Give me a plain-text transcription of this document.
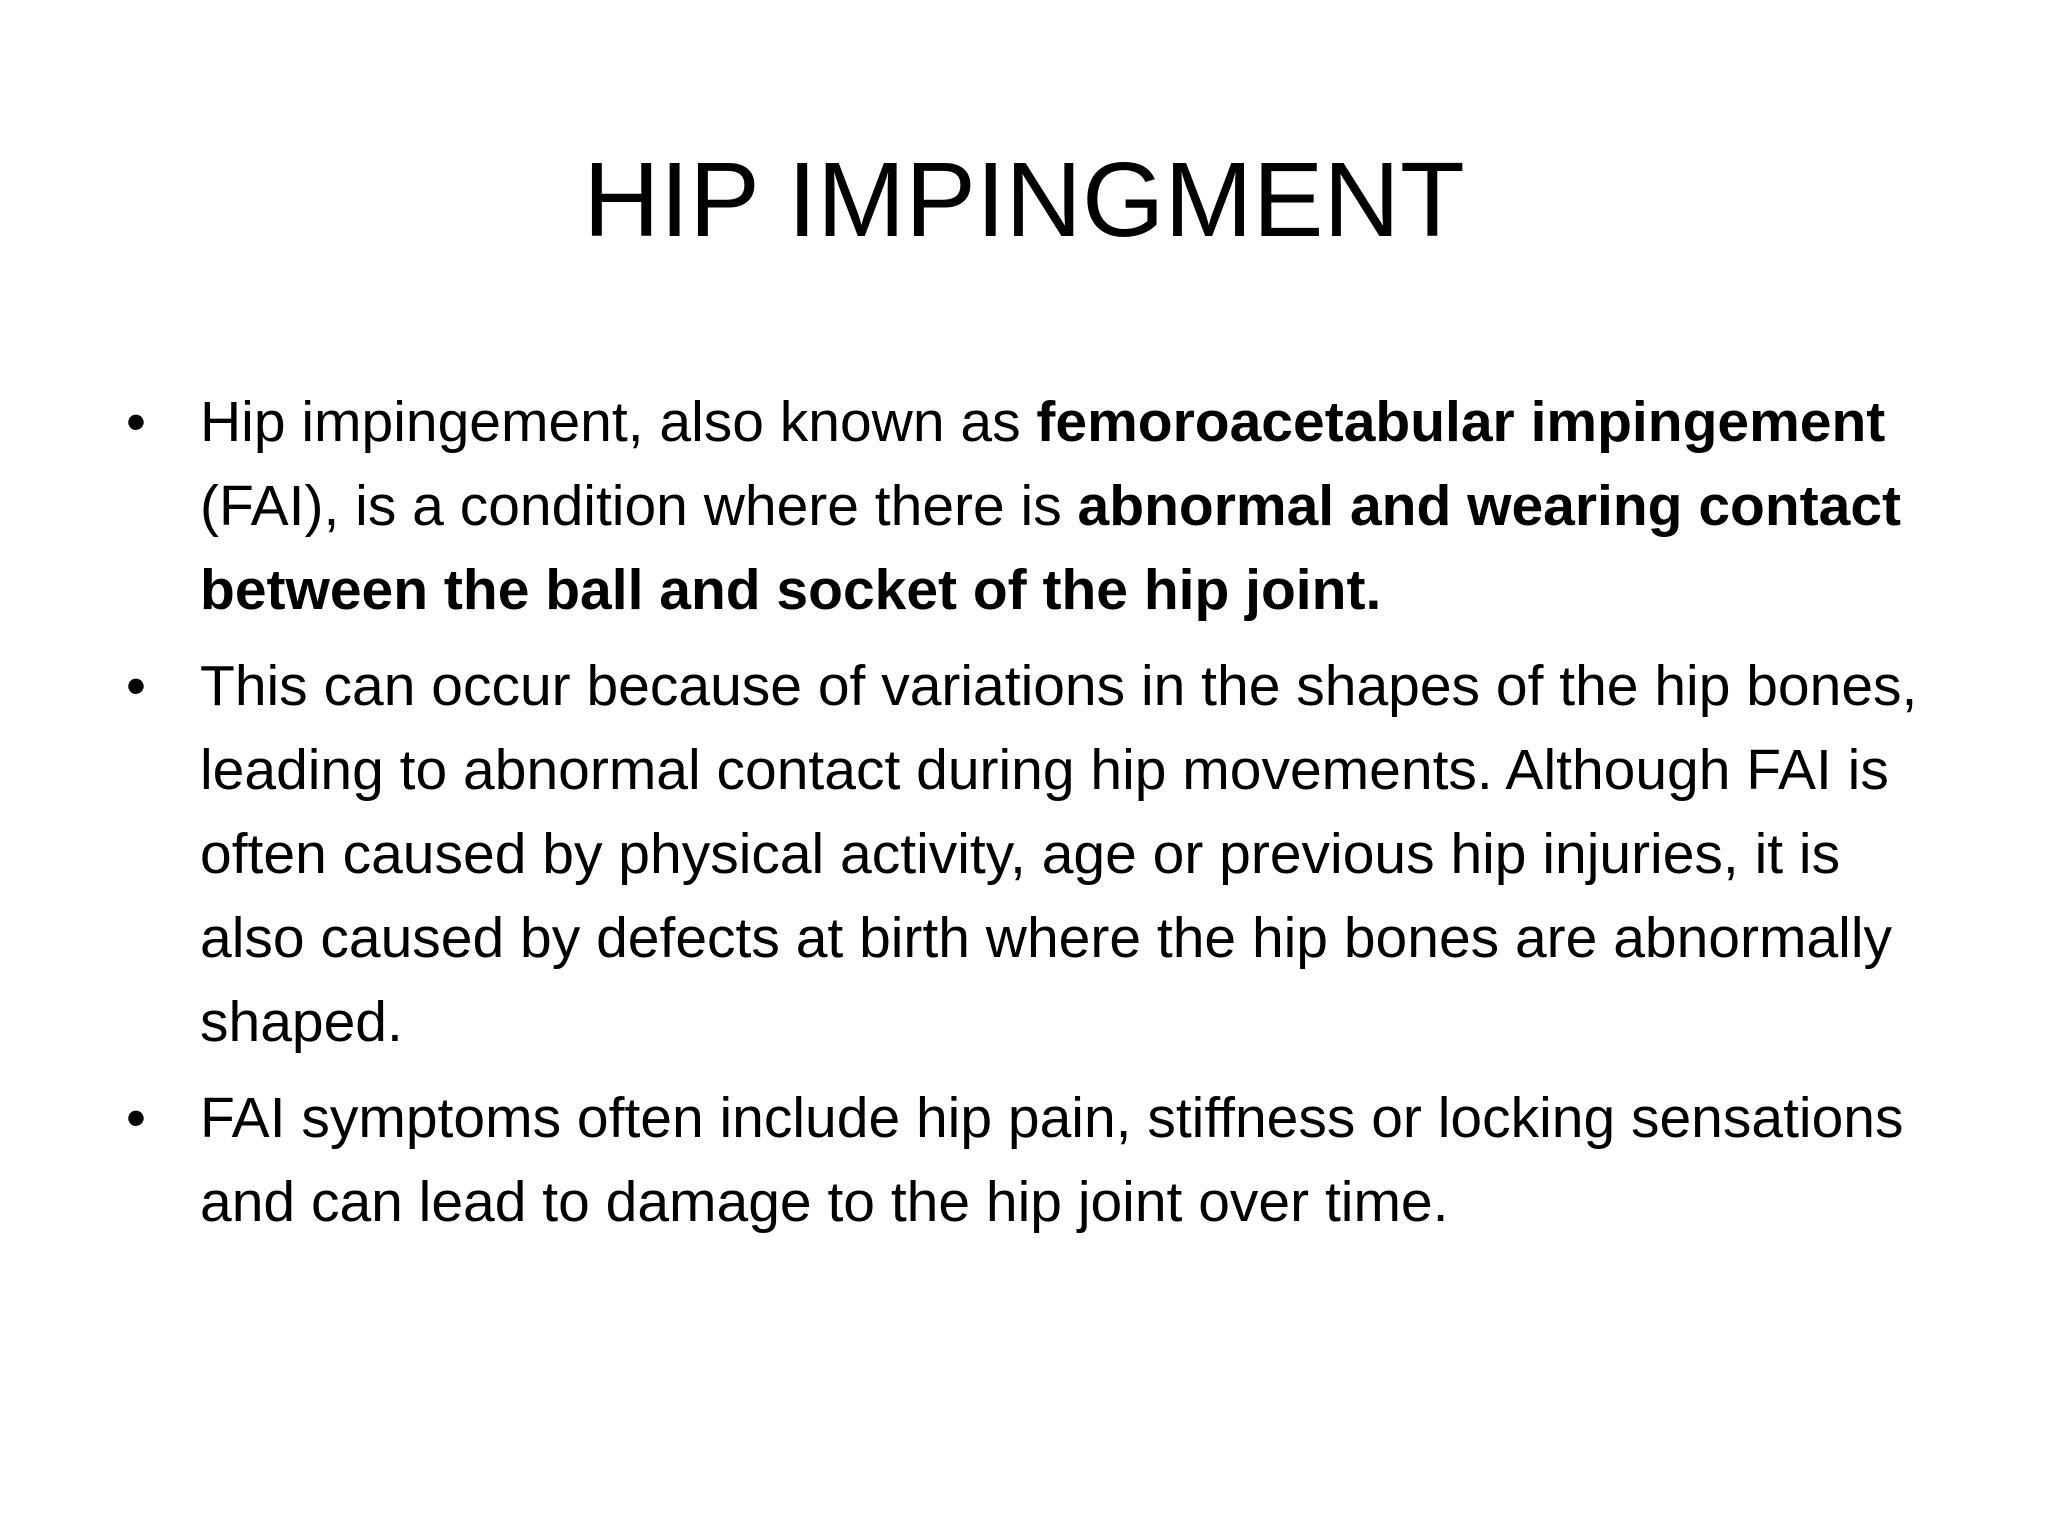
HIP IMPINGMENT
• Hip impingement, also known as femoroacetabular impingement (FAI), is a condition where there is abnormal and wearing contact between the ball and socket of the hip joint.
• This can occur because of variations in the shapes of the hip bones, leading to abnormal contact during hip movements. Although FAI is often caused by physical activity, age or previous hip injuries, it is also caused by defects at birth where the hip bones are abnormally shaped.
• FAI symptoms often include hip pain, stiffness or locking sensations and can lead to damage to the hip joint over time.
